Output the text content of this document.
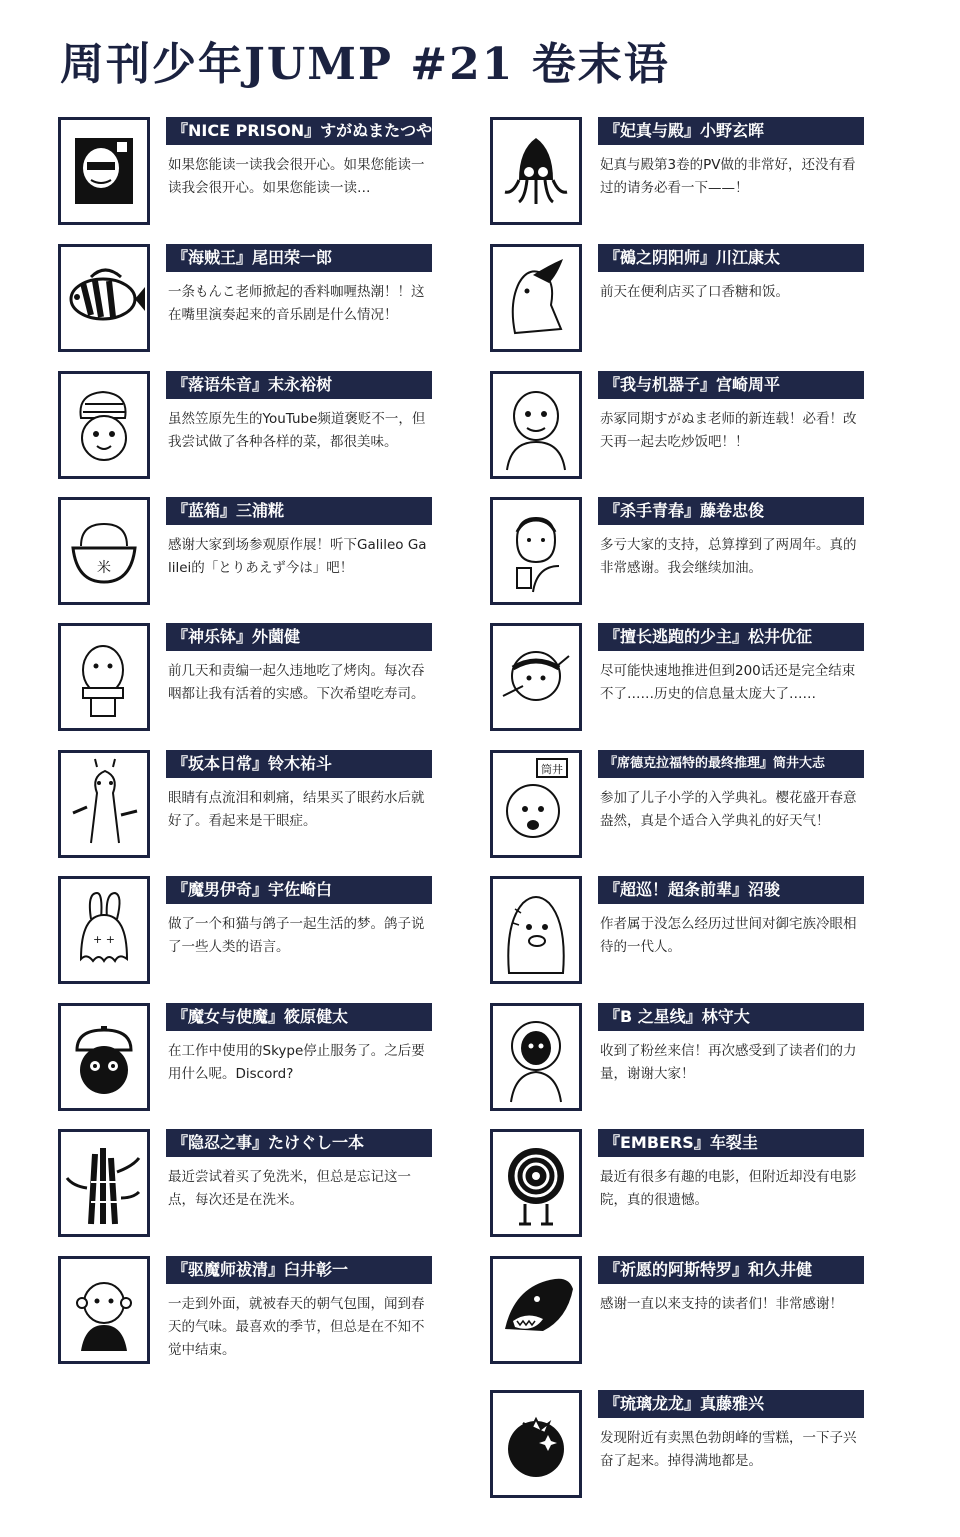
周刊少年JUMP #21 卷末语
『NICE PRISON』すがぬまたつや
如果您能读一读我会很开心。如果您能读一读我会很开心。如果您能读一读…
『海贼王』尾田荣一郎
一条もんこ老师掀起的香料咖喱热潮！！这在嘴里演奏起来的音乐剧是什么情况！
『落语朱音』末永裕树
虽然笠原先生的YouTube频道褒贬不一，但我尝试做了各种各样的菜，都很美味。
米
『蓝箱』三浦糀
感谢大家到场参观原作展！听下Galileo Galilei的「とりあえず今は」吧！
『神乐钵』外薗健
前几天和责编一起久违地吃了烤肉。每次吞咽都让我有活着的实感。下次希望吃寿司。
『坂本日常』铃木祐斗
眼睛有点流泪和刺痛，结果买了眼药水后就好了。看起来是干眼症。
+ +
『魔男伊奇』宇佐崎白
做了一个和猫与鸽子一起生活的梦。鸽子说了一些人类的语言。
『魔女与使魔』筱原健太
在工作中使用的Skype停止服务了。之后要用什么呢。Discord?
『隐忍之事』たけぐし一本
最近尝试着买了免洗米，但总是忘记这一点，每次还是在洗米。
『驱魔师祓清』臼井彰一
一走到外面，就被春天的朝气包围，闻到春天的气味。最喜欢的季节，但总是在不知不觉中结束。
『妃真与殿』小野玄晖
妃真与殿第3卷的PV做的非常好，还没有看过的请务必看一下——！
『鵺之阴阳师』川江康太
前天在便利店买了口香糖和饭。
『我与机器子』宫崎周平
赤冢同期すがぬま老师的新连载！必看！改天再一起去吃炒饭吧！！
『杀手青春』藤卷忠俊
多亏大家的支持，总算撑到了两周年。真的非常感谢。我会继续加油。
『擅长逃跑的少主』松井优征
尽可能快速地推进但到200话还是完全结束不了……历史的信息量太庞大了……
筒井	『席德克拉福特的最终推理』筒井大志
参加了儿子小学的入学典礼。樱花盛开春意盎然，真是个适合入学典礼的好天气！
『超巡！超条前辈』沼骏
作者属于没怎么经历过世间对御宅族冷眼相待的一代人。
『B 之星线』林守大
收到了粉丝来信！再次感受到了读者们的力量，谢谢大家！
『EMBERS』车裂圭
最近有很多有趣的电影，但附近却没有电影院，真的很遗憾。
『祈愿的阿斯特罗』和久井健
感谢一直以来支持的读者们！非常感谢！
『琉璃龙龙』真藤雅兴
发现附近有卖黑色勃朗峰的雪糕，一下子兴奋了起来。掉得满地都是。
